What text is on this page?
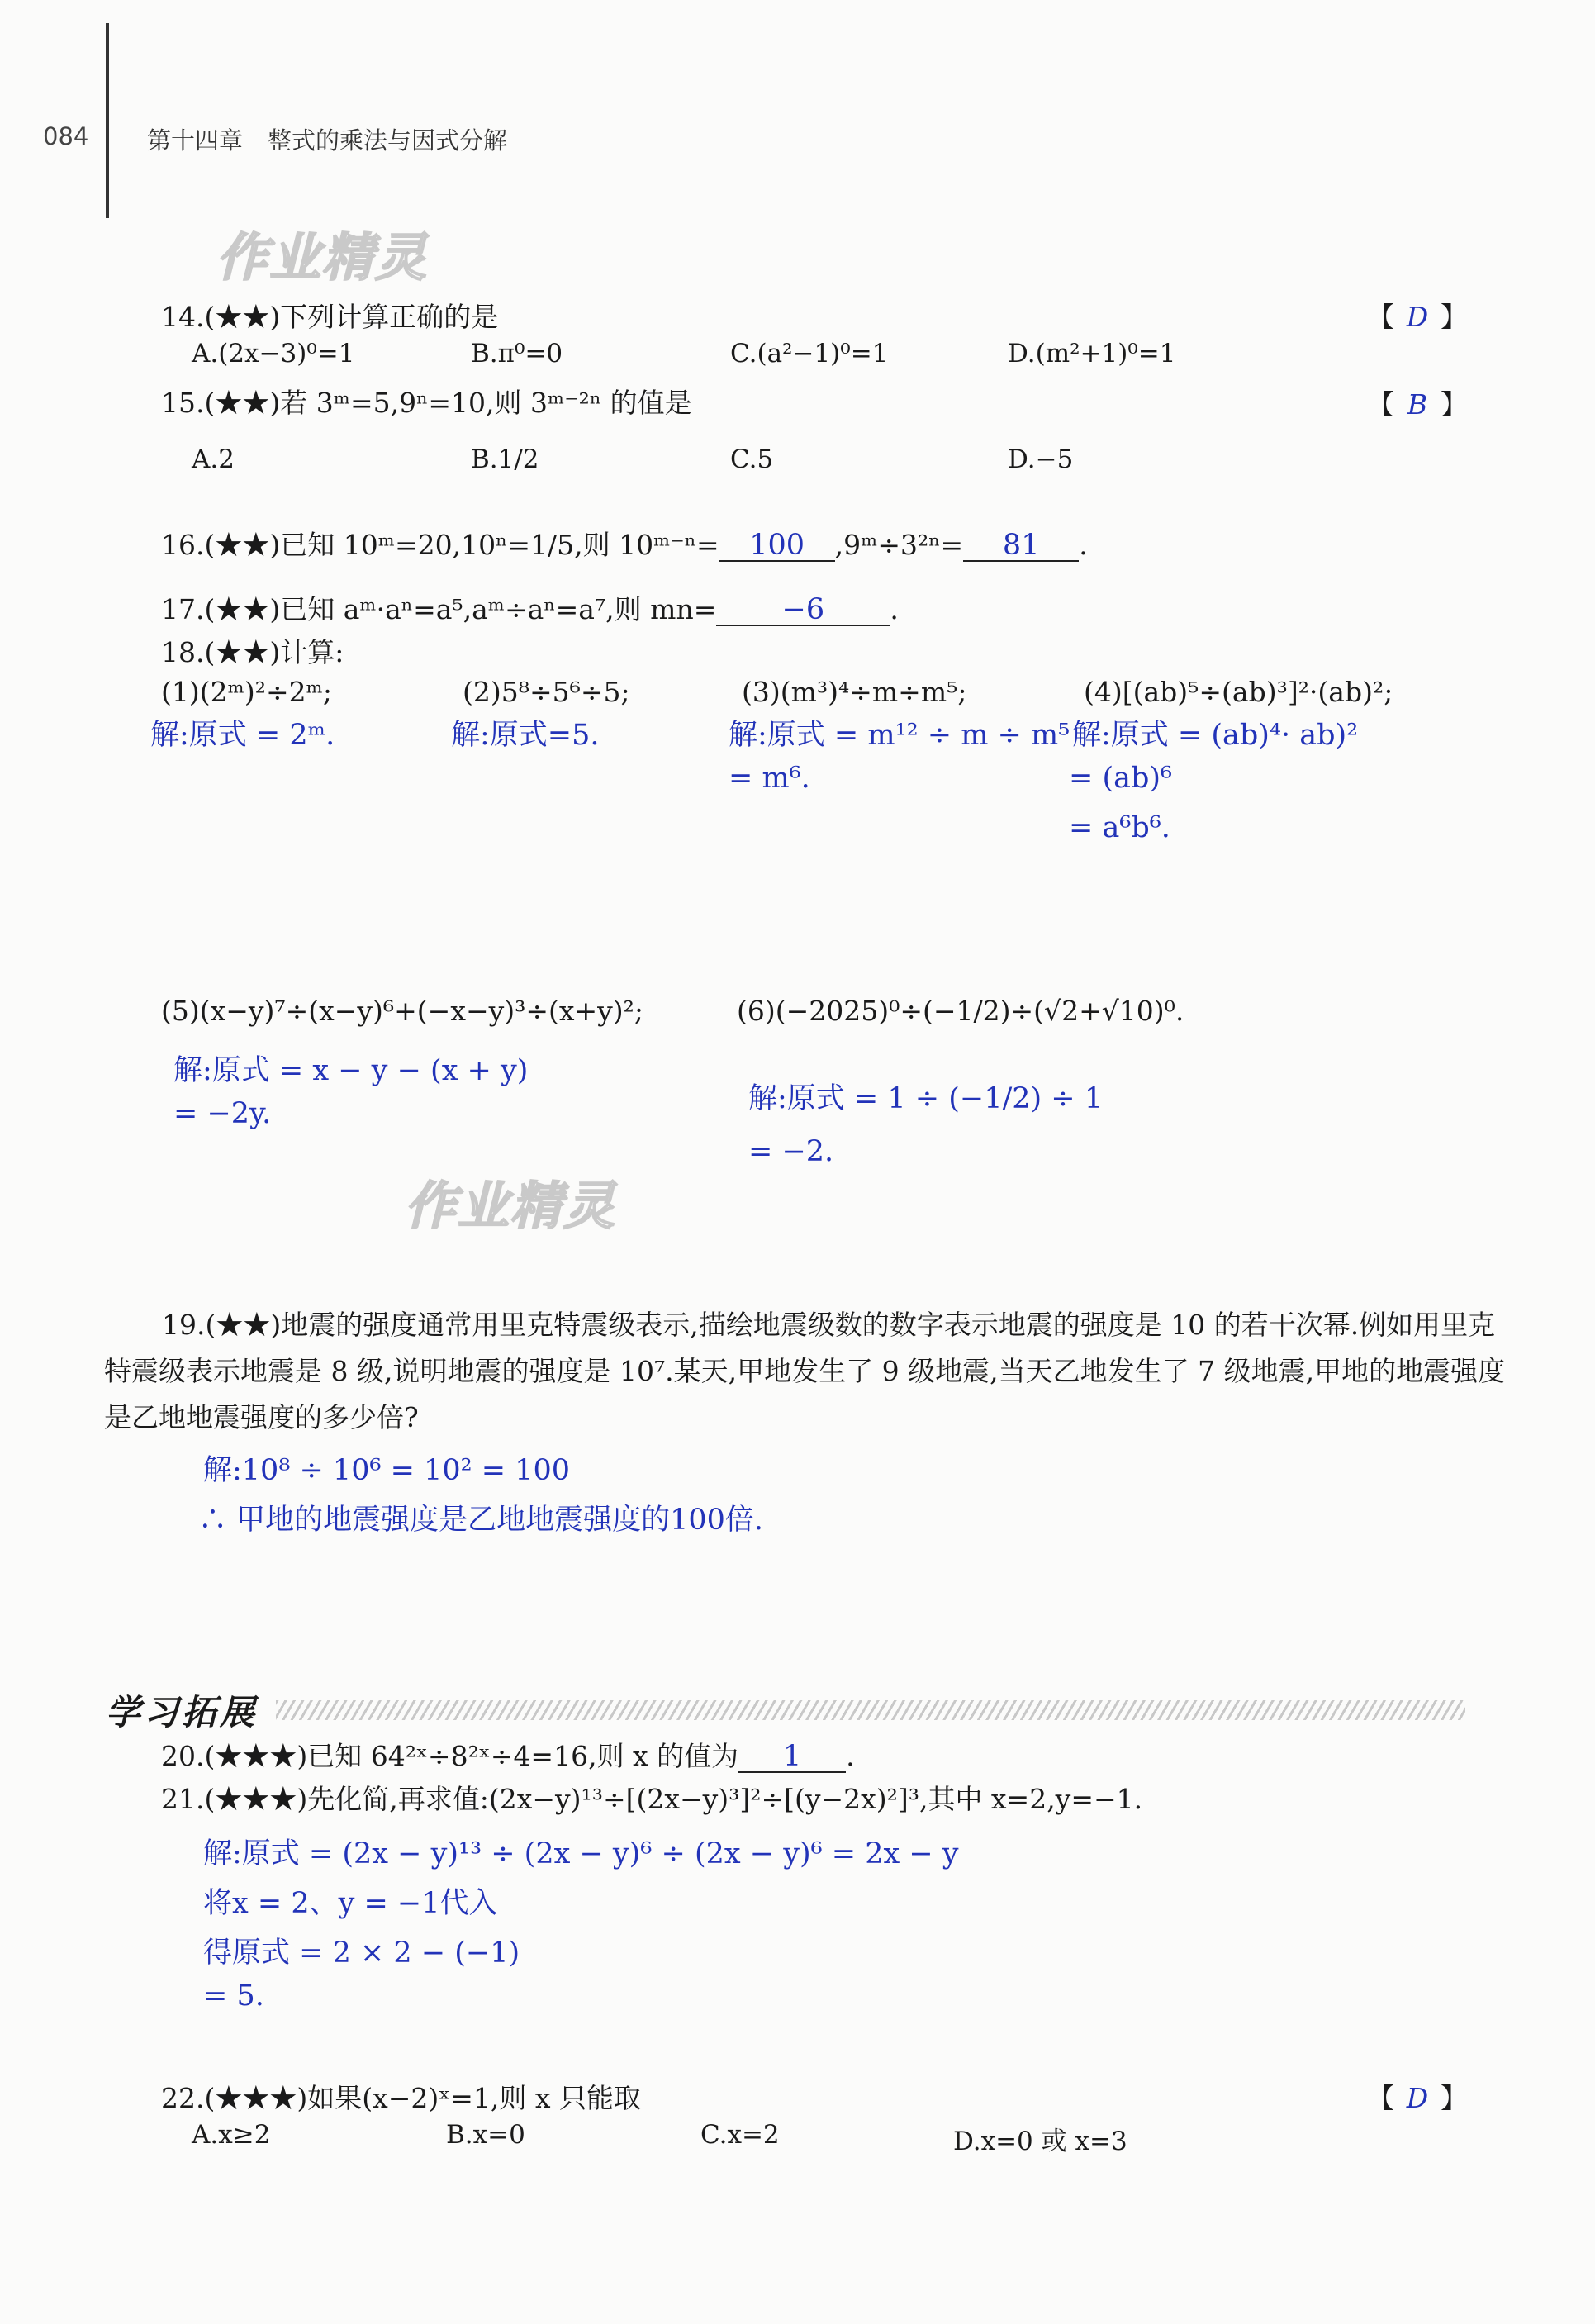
084 第十四章 整式的乘法与因式分解
作业精灵
14.(★★)下列计算正确的是	【 D 】
A.(2x−3)⁰=1	B.π⁰=0	C.(a²−1)⁰=1	D.(m²+1)⁰=1
15.(★★)若 3ᵐ=5,9ⁿ=10,则 3ᵐ⁻²ⁿ 的值是	【 B 】
A.2	B.1/2	C.5	D.−5
16.(★★)已知 10ᵐ=20,10ⁿ=1/5,则 10ᵐ⁻ⁿ= 100 ,9ᵐ÷3²ⁿ= 81 .
17.(★★)已知 aᵐ·aⁿ=a⁵,aᵐ÷aⁿ=a⁷,则 mn= −6 .
18.(★★)计算:
(1)(2ᵐ)²÷2ᵐ;	(2)5⁸÷5⁶÷5;	(3)(m³)⁴÷m÷m⁵;	(4)[(ab)⁵÷(ab)³]²·(ab)²;
解:原式 = 2ᵐ.	解:原式=5.	解:原式 = m¹² ÷ m ÷ m⁵
= m⁶.
解:原式 = (ab)⁴· ab)²
= (ab)⁶
= a⁶b⁶.
(5)(x−y)⁷÷(x−y)⁶+(−x−y)³÷(x+y)²;	(6)(−2025)⁰÷(−1/2)÷(√2+√10)⁰.
解:原式 = x − y − (x + y)
= −2y.	解:原式 = 1 ÷ (−1/2) ÷ 1
= −2.
作业精灵
19.(★★)地震的强度通常用里克特震级表示,描绘地震级数的数字表示地震的强度是 10 的若干次幂.例如用里克特震级表示地震是 8 级,说明地震的强度是 10⁷.某天,甲地发生了 9 级地震,当天乙地发生了 7 级地震,甲地的地震强度是乙地地震强度的多少倍?
解:10⁸ ÷ 10⁶ = 10² = 100
∴ 甲地的地震强度是乙地地震强度的100倍.
学习拓展
20.(★★★)已知 64²ˣ÷8²ˣ÷4=16,则 x 的值为 1 .
21.(★★★)先化简,再求值:(2x−y)¹³÷[(2x−y)³]²÷[(y−2x)²]³,其中 x=2,y=−1.
解:原式 = (2x − y)¹³ ÷ (2x − y)⁶ ÷ (2x − y)⁶ = 2x − y
将x = 2、y = −1代入
得原式 = 2 × 2 − (−1)
= 5.
22.(★★★)如果(x−2)ˣ=1,则 x 只能取	【 D 】
A.x≥2	B.x=0	C.x=2	D.x=0 或 x=3
